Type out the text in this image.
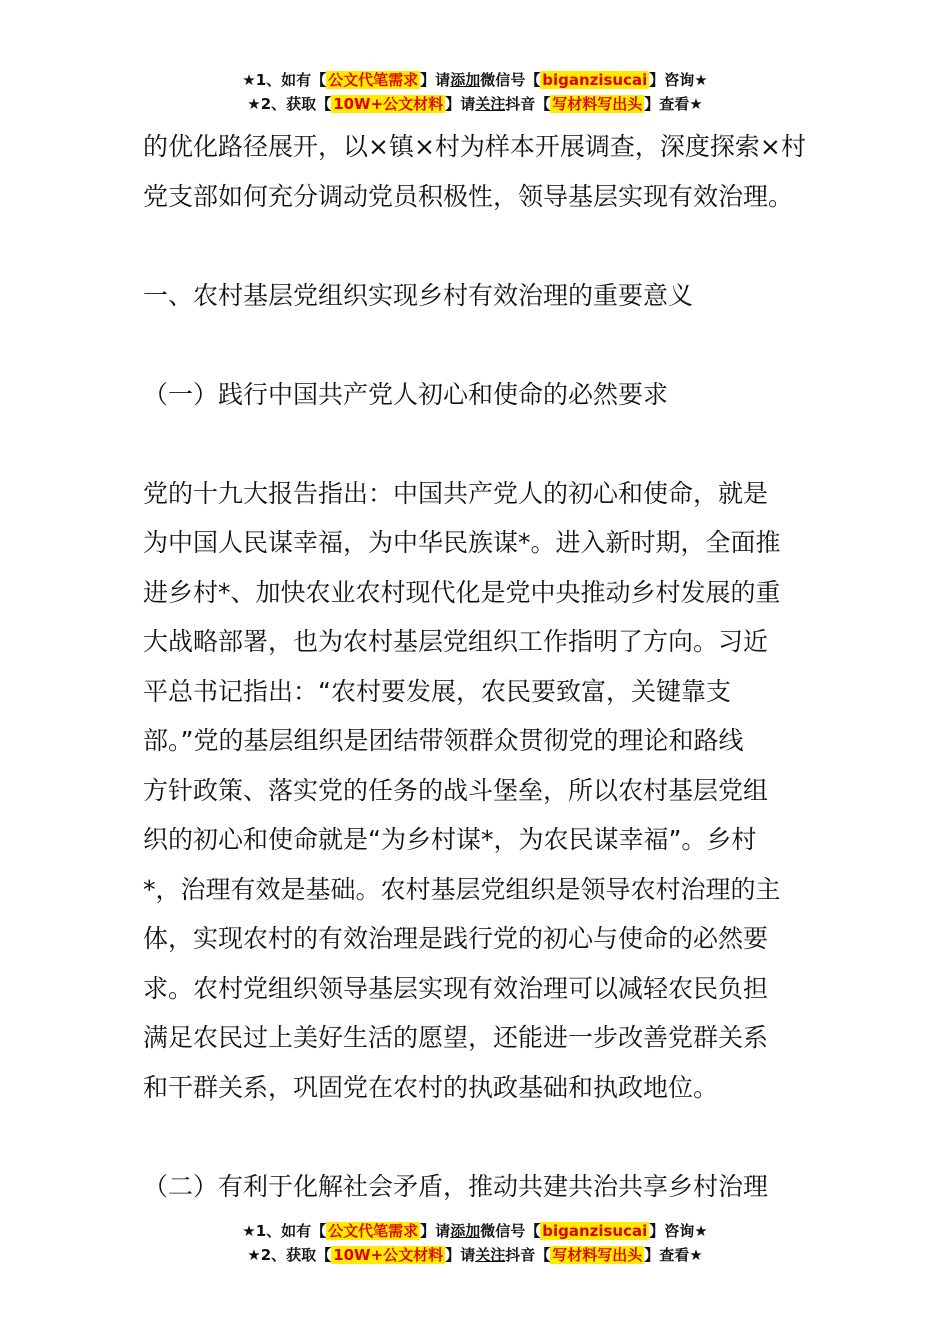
★1、如有【 公文代笔需求 】请添加微信号【 biganzisucai 】咨询★
★2、获取【 10W+公文材料 】请关注抖音【 写材料写出头 】查看★

的优化路径展开，以×镇×村为样本开展调查，深度探索×村

党支部如何充分调动党员积极性，领导基层实现有效治理。

一、农村基层党组织实现乡村有效治理的重要意义

（一）践行中国共产党人初心和使命的必然要求

党的十九大报告指出：中国共产党人的初心和使命，就是

为中国人民谋幸福，为中华民族谋*。进入新时期，全面推

进乡村*、加快农业农村现代化是党中央推动乡村发展的重

大战略部署，也为农村基层党组织工作指明了方向。习近

平总书记指出：“农村要发展，农民要致富，关键靠支

部。”党的基层组织是团结带领群众贯彻党的理论和路线

方针政策、落实党的任务的战斗堡垒，所以农村基层党组

织的初心和使命就是“为乡村谋*，为农民谋幸福”。乡村

*，治理有效是基础。农村基层党组织是领导农村治理的主

体，实现农村的有效治理是践行党的初心与使命的必然要

求。农村党组织领导基层实现有效治理可以减轻农民负担

满足农民过上美好生活的愿望，还能进一步改善党群关系

和干群关系，巩固党在农村的执政基础和执政地位。

（二）有利于化解社会矛盾，推动共建共治共享乡村治理

★1、如有【 公文代笔需求 】请添加微信号【 biganzisucai 】咨询★
★2、获取【 10W+公文材料 】请关注抖音【 写材料写出头 】查看★
